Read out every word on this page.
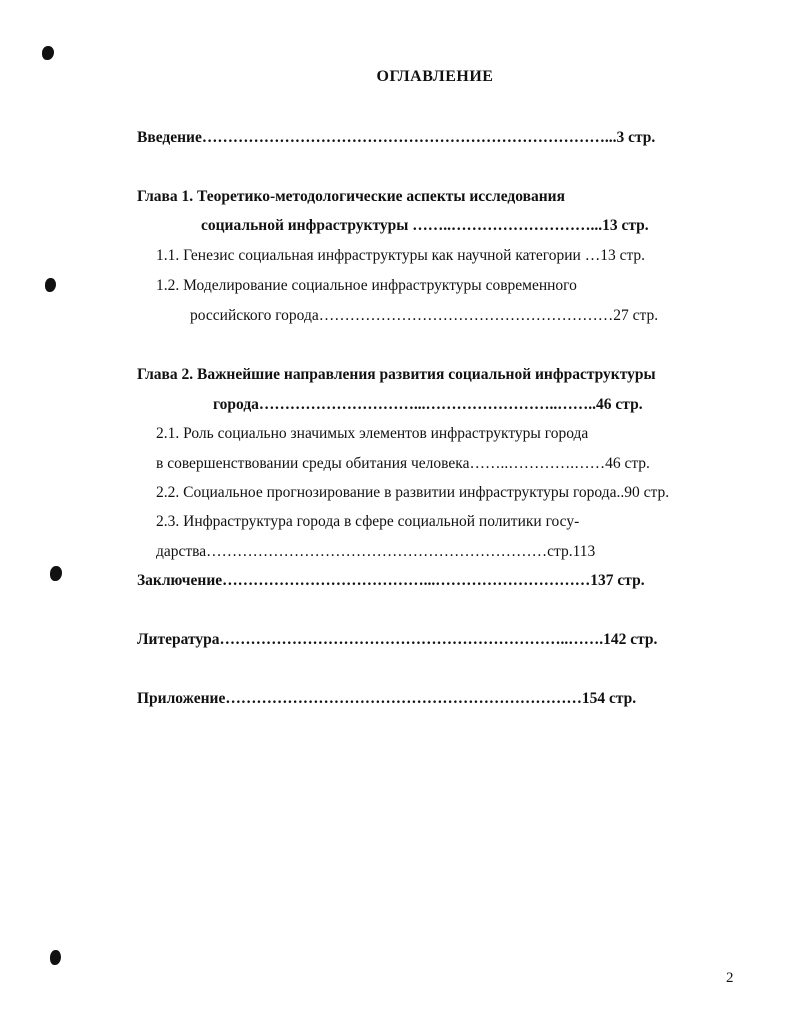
ОГЛАВЛЕНИЕ
Введение……………………………………………………………………...3 стр.
Глава 1. Теоретико-методологические аспекты исследования
социальной инфраструктуры ……..………………………...13 стр.
1.1. Генезис социальная инфраструктуры как научной категории …13 стр.
1.2. Моделирование социальное инфраструктуры современного
российского города…………………………………………………27 стр.
Глава 2. Важнейшие направления развития социальной инфраструктуры
города…………………………...……………………..……..46 стр.
2.1. Роль социально значимых элементов инфраструктуры города
в совершенствовании среды обитания человека……..………….……46 стр.
2.2. Социальное прогнозирование в развитии инфраструктуры города..90 стр.
2.3. Инфраструктура города в сфере социальной политики госу-
дарства…………………………………………………………стр.113
Заключение…………………………………...…………………………137 стр.
Литература…………………………………………………………..…….142 стр.
Приложение……………………………………………………………154 стр.
2
